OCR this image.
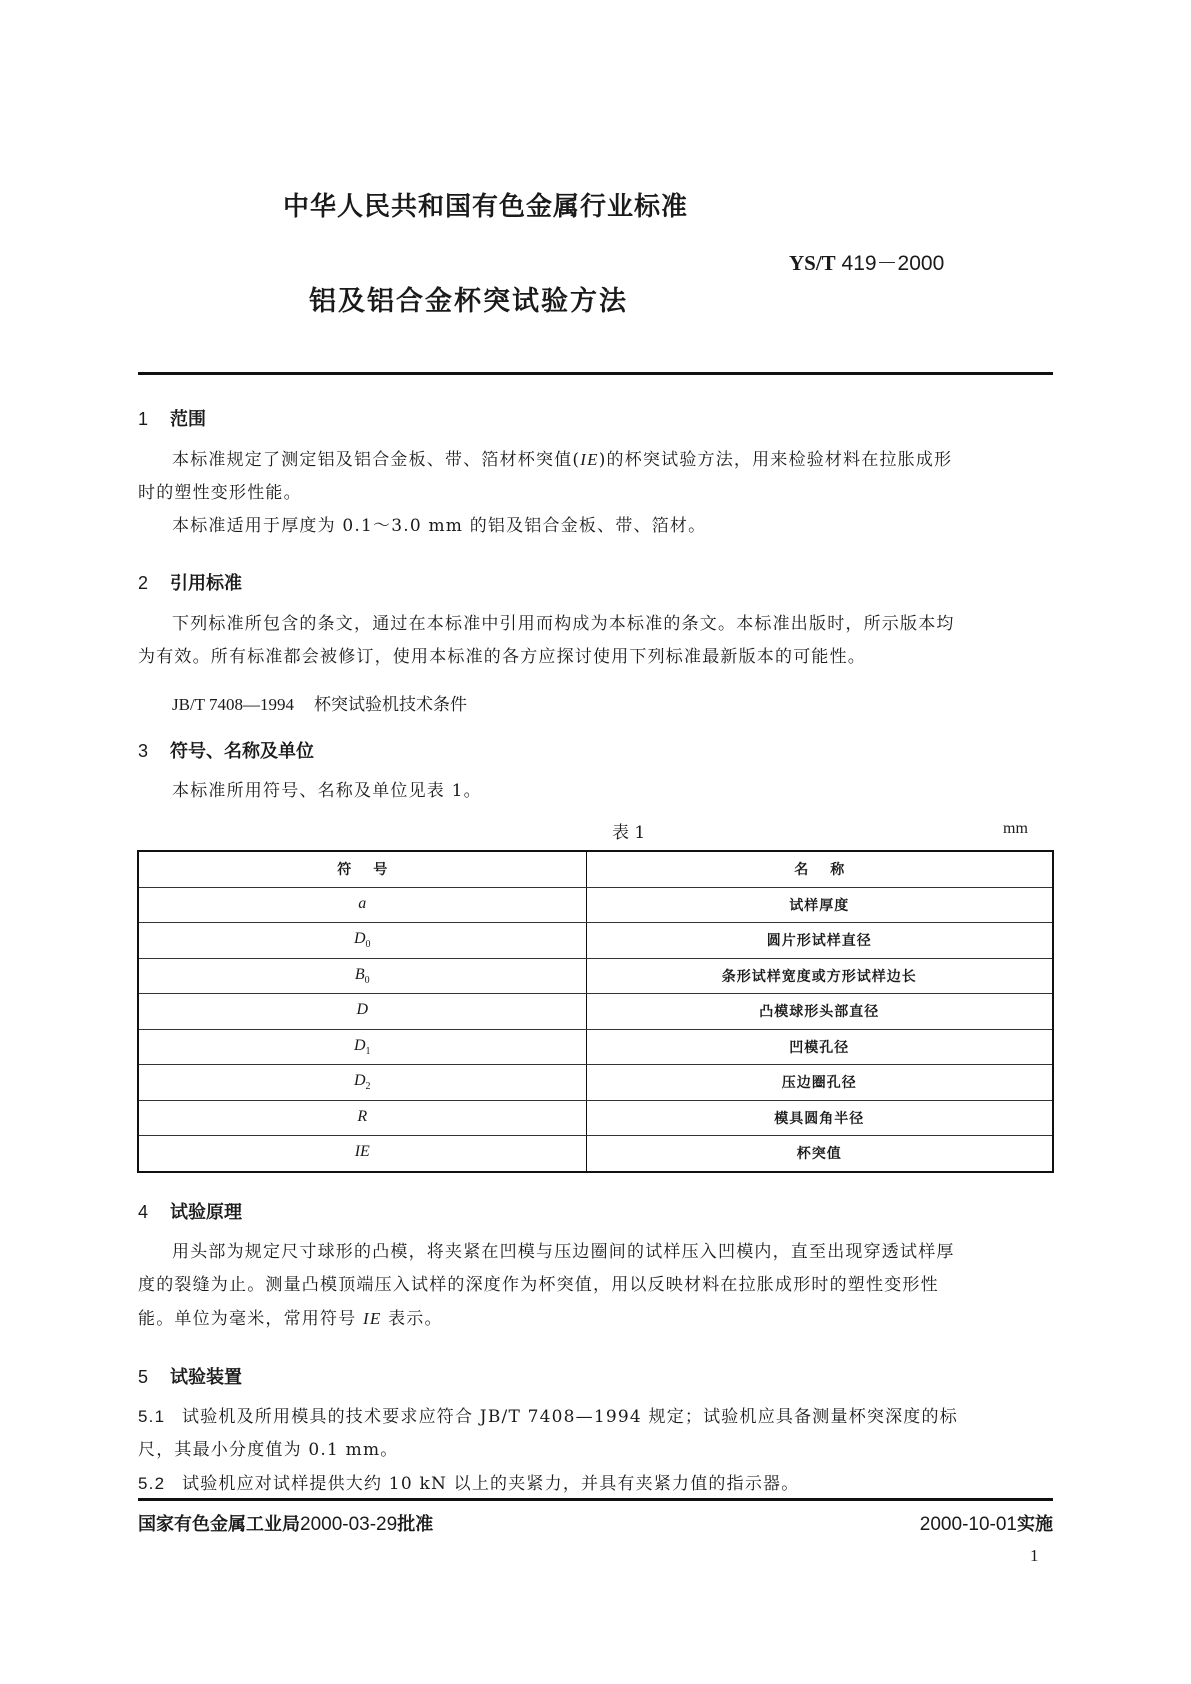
中华人民共和国有色金属行业标准
YS/T 419－2000
铝及铝合金杯突试验方法
1 范围
本标准规定了测定铝及铝合金板、带、箔材杯突值(IE)的杯突试验方法，用来检验材料在拉胀成形
时的塑性变形性能。
本标准适用于厚度为 0.1～3.0 mm 的铝及铝合金板、带、箔材。
2 引用标准
下列标准所包含的条文，通过在本标准中引用而构成为本标准的条文。本标准出版时，所示版本均
为有效。所有标准都会被修订，使用本标准的各方应探讨使用下列标准最新版本的可能性。
JB/T 7408—1994 杯突试验机技术条件
3 符号、名称及单位
本标准所用符号、名称及单位见表 1。
表 1	mm
符号	名称
a	试样厚度
$D_0$	圆片形试样直径
$B_0$	条形试样宽度或方形试样边长
D	凸模球形头部直径
$D_1$	凹模孔径
$D_2$	压边圈孔径
R	模具圆角半径
IE	杯突值
4 试验原理
用头部为规定尺寸球形的凸模，将夹紧在凹模与压边圈间的试样压入凹模内，直至出现穿透试样厚
度的裂缝为止。测量凸模顶端压入试样的深度作为杯突值，用以反映材料在拉胀成形时的塑性变形性
能。单位为毫米，常用符号 IE 表示。
5 试验装置
5.1 试验机及所用模具的技术要求应符合 JB/T 7408—1994 规定；试验机应具备测量杯突深度的标
尺，其最小分度值为 0.1 mm。
5.2 试验机应对试样提供大约 10 kN 以上的夹紧力，并具有夹紧力值的指示器。
国家有色金属工业局2000-03-29批准	2000-10-01实施
1
